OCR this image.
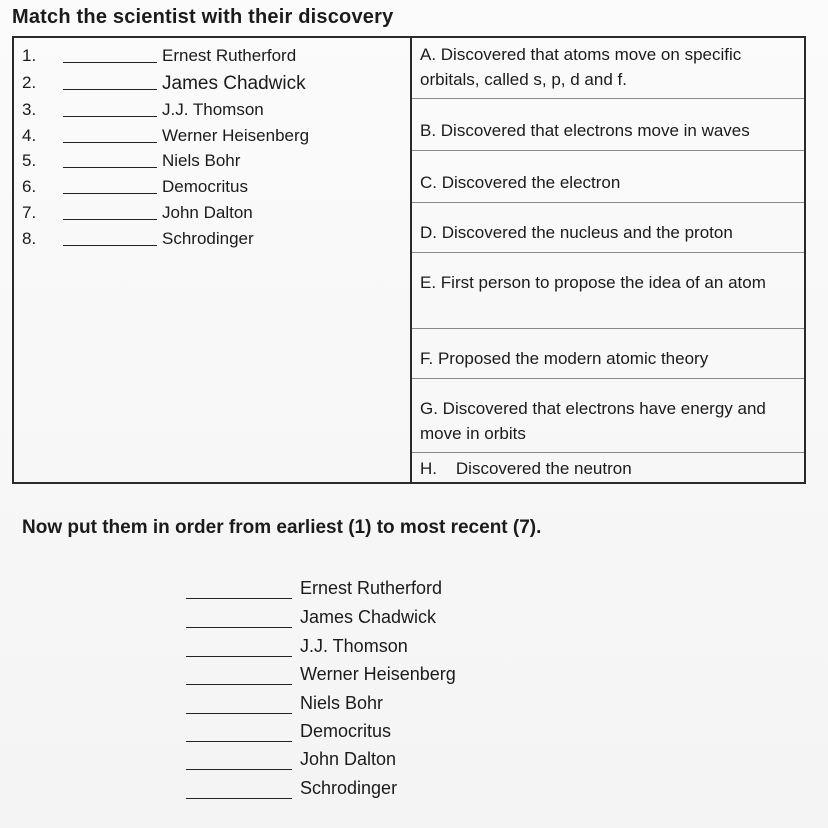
Match the scientist with their discovery
1.	Ernest Rutherford
2.	James Chadwick
3.	J.J. Thomson
4.	Werner Heisenberg
5.	Niels Bohr
6.	Democritus
7.	John Dalton
8.	Schrodinger
A. Discovered that atoms move on specific orbitals, called s, p, d and f.
B. Discovered that electrons move in waves
C. Discovered the electron
D. Discovered the nucleus and the proton
E. First person to propose the idea of an atom
F. Proposed the modern atomic theory
G. Discovered that electrons have energy and move in orbits
H.    Discovered the neutron
Now put them in order from earliest (1) to most recent (7).
Ernest Rutherford
James Chadwick
J.J. Thomson
Werner Heisenberg
Niels Bohr
Democritus
John Dalton
Schrodinger
